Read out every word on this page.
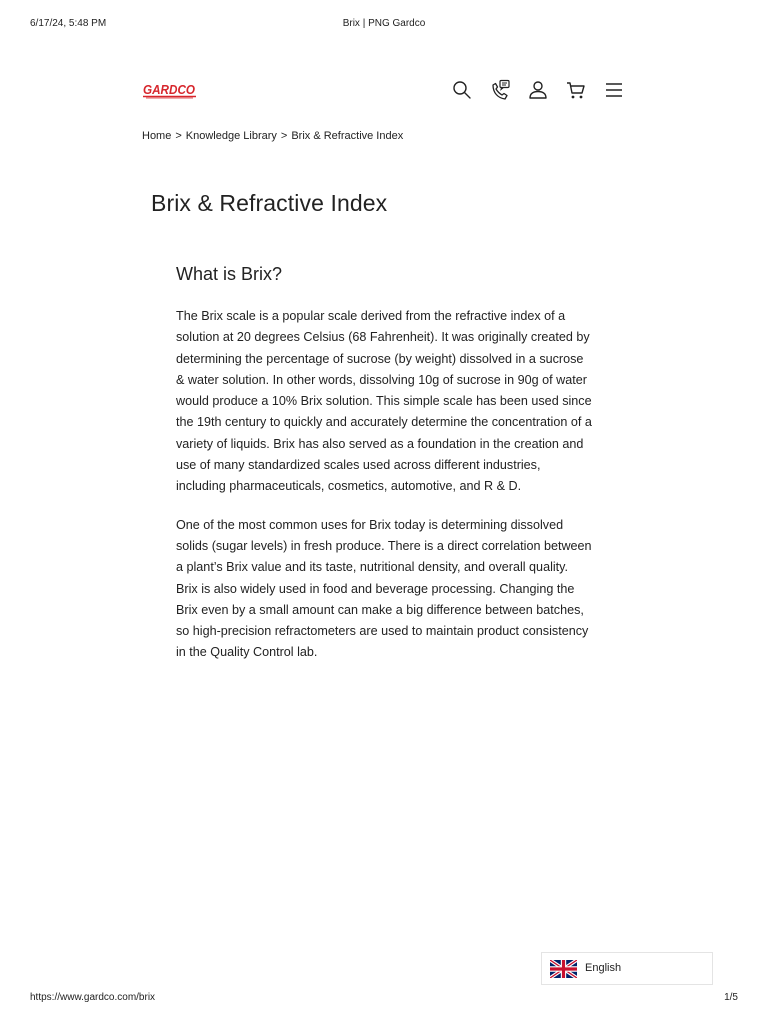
6/17/24, 5:48 PM	Brix | PNG Gardco
GARDCO
Home > Knowledge Library > Brix & Refractive Index
Brix & Refractive Index
What is Brix?

The Brix scale is a popular scale derived from the refractive index of a solution at 20 degrees Celsius (68 Fahrenheit). It was originally created by determining the percentage of sucrose (by weight) dissolved in a sucrose & water solution. In other words, dissolving 10g of sucrose in 90g of water would produce a 10% Brix solution. This simple scale has been used since the 19th century to quickly and accurately determine the concentration of a variety of liquids. Brix has also served as a foundation in the creation and use of many standardized scales used across different industries, including pharmaceuticals, cosmetics, automotive, and R & D.

One of the most common uses for Brix today is determining dissolved solids (sugar levels) in fresh produce. There is a direct correlation between a plant’s Brix value and its taste, nutritional density, and overall quality. Brix is also widely used in food and beverage processing. Changing the Brix even by a small amount can make a big difference between batches, so high-precision refractometers are used to maintain product consistency in the Quality Control lab.

English
https://www.gardco.com/brix	1/5
